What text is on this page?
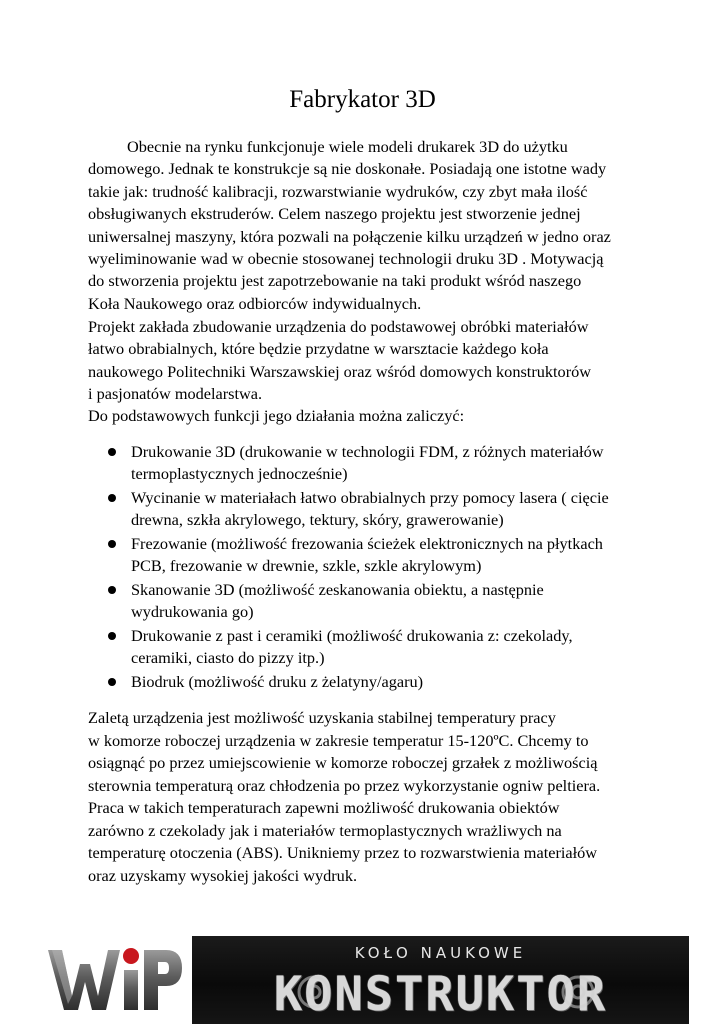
Fabrykator 3D
Obecnie na rynku funkcjonuje wiele modeli drukarek 3D do użytku
domowego. Jednak te konstrukcje są nie doskonałe. Posiadają one istotne wady
takie jak: trudność kalibracji, rozwarstwianie wydruków, czy zbyt mała ilość
obsługiwanych ekstruderów. Celem naszego projektu jest stworzenie jednej
uniwersalnej maszyny, która pozwali na połączenie kilku urządzeń w jedno oraz
wyeliminowanie wad w obecnie stosowanej technologii druku 3D . Motywacją
do stworzenia projektu jest zapotrzebowanie na taki produkt wśród naszego
Koła Naukowego oraz odbiorców indywidualnych.
Projekt zakłada zbudowanie urządzenia do podstawowej obróbki materiałów
łatwo obrabialnych, które będzie przydatne w warsztacie każdego koła
naukowego Politechniki Warszawskiej oraz wśród domowych konstruktorów
i pasjonatów modelarstwa.
Do podstawowych funkcji jego działania można zaliczyć:
Drukowanie 3D (drukowanie w technologii FDM, z różnych materiałów
termoplastycznych jednocześnie)
Wycinanie w materiałach łatwo obrabialnych przy pomocy lasera ( cięcie
drewna, szkła akrylowego, tektury, skóry, grawerowanie)
Frezowanie (możliwość frezowania ścieżek elektronicznych na płytkach
PCB, frezowanie w drewnie, szkle, szkle akrylowym)
Skanowanie 3D (możliwość zeskanowania obiektu, a następnie
wydrukowania go)
Drukowanie z past i ceramiki (możliwość drukowania z: czekolady,
ceramiki, ciasto do pizzy itp.)
Biodruk (możliwość druku z żelatyny/agaru)
Zaletą urządzenia jest możliwość uzyskania stabilnej temperatury pracy
w komorze roboczej urządzenia w zakresie temperatur 15-120ºC. Chcemy to
osiągnąć po przez umiejscowienie w komorze roboczej grzałek z możliwością
sterownia temperaturą oraz chłodzenia po przez wykorzystanie ogniw peltiera.
Praca w takich temperaturach zapewni możliwość drukowania obiektów
zarówno z czekolady jak i materiałów termoplastycznych wrażliwych na
temperaturę otoczenia (ABS). Unikniemy przez to rozwarstwienia materiałów
oraz uzyskamy wysokiej jakości wydruk.
KOŁO NAUKOWE
KONSTRUKTOR
